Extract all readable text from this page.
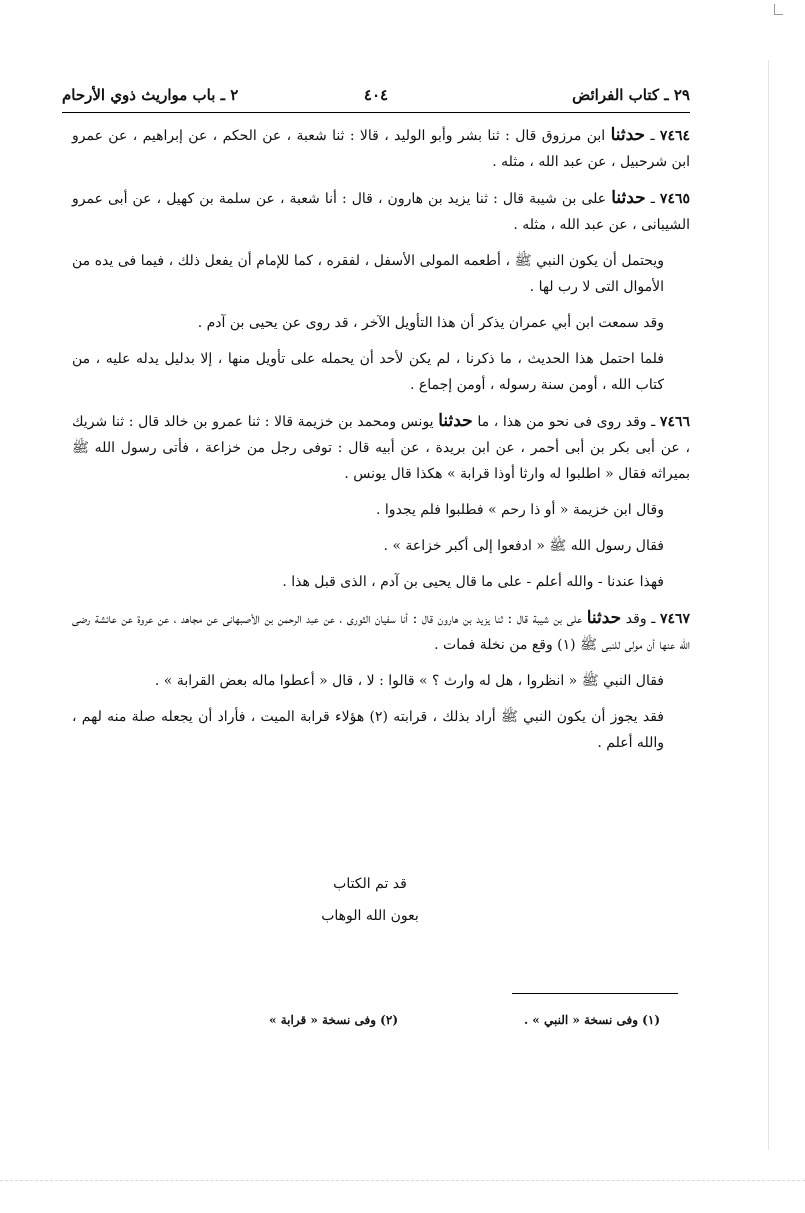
٢٩ ـ كتاب الفرائض
٤٠٤
٢ ـ باب مواريث ذوي الأرحام

٧٤٦٤ ـ حدثنا ابن مرزوق قال : ثنا بشر وأبو الوليد ، قالا : ثنا شعبة ، عن الحكم ، عن إبراهيم ، عن عمرو ابن شرحبيل ، عن عبد الله ، مثله .

٧٤٦٥ ـ حدثنا على بن شيبة قال : ثنا يزيد بن هارون ، قال : أنا شعبة ، عن سلمة بن كهيل ، عن أبى عمرو الشيبانى ، عن عبد الله ، مثله .

ويحتمل أن يكون النبي ﷺ ، أطعمه المولى الأسفل ، لفقره ، كما للإمام أن يفعل ذلك ، فيما فى يده من الأموال التى لا رب لها .

وقد سمعت ابن أبي عمران يذكر أن هذا التأويل الآخر ، قد روى عن يحيى بن آدم .

فلما احتمل هذا الحديث ، ما ذكرنا ، لم يكن لأحد أن يحمله على تأويل منها ، إلا بدليل يدله عليه ، من كتاب الله ، أومن سنة رسوله ، أومن إجماع .

٧٤٦٦ ـ وقد روى فى نحو من هذا ، ما حدثنا يونس ومحمد بن خزيمة قالا : ثنا عمرو بن خالد قال : ثنا شريك ، عن أبى بكر بن أبى أحمر ، عن ابن بريدة ، عن أبيه قال : توفى رجل من خزاعة ، فأتى رسول الله ﷺ بميراثه فقال « اطلبوا له وارثا أوذا قرابة » هكذا قال يونس .

وقال ابن خزيمة « أو ذا رحم » فطلبوا فلم يجدوا .

فقال رسول الله ﷺ « ادفعوا إلى أكبر خزاعة » .

فهذا عندنا - والله أعلم - على ما قال يحيى بن آدم ، الذى قبل هذا .

٧٤٦٧ ـ وقد حدثنا على بن شيبة قال : ثنا يزيد بن هارون قال : أنا سفيان الثورى ، عن عبد الرحمن بن الأصبهانى عن مجاهد ، عن عروة عن عائشة رضى الله عنها أن مولى للنبى ﷺ (١) وقع من نخلة فمات .

فقال النبي ﷺ « انظروا ، هل له وارث ؟ » قالوا : لا ، قال « أعطوا ماله بعض القرابة » .

فقد يجوز أن يكون النبي ﷺ أراد بذلك ، قرابته (٢) هؤلاء قرابة الميت ، فأراد أن يجعله صلة منه لهم ، والله أعلم .

قد تم الكتاب
بعون الله الوهاب
(١) وفى نسخة « النبي » .
(٢) وفى نسخة « قرابة »
